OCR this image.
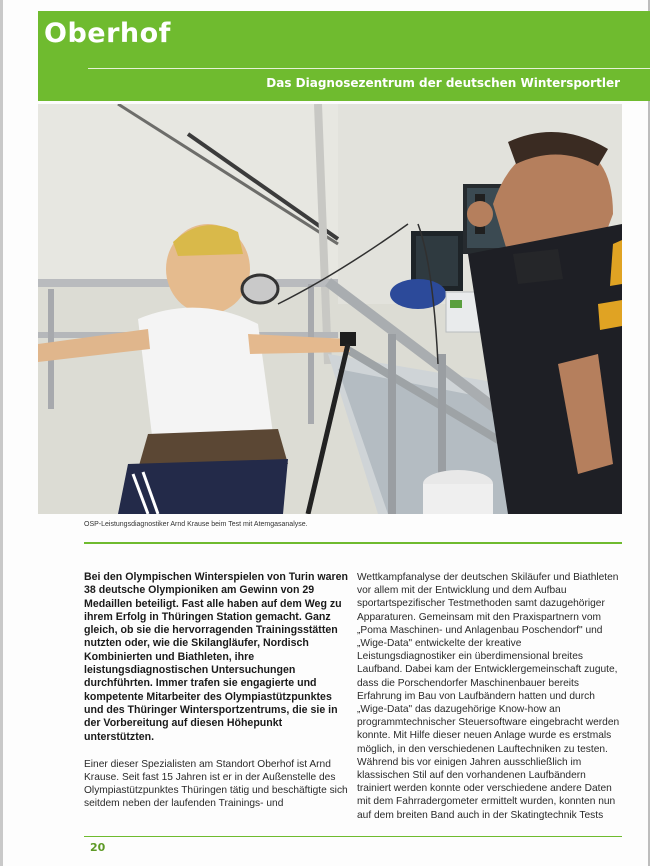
Oberhof
Das Diagnosezentrum der deutschen Wintersportler
OSP-Leistungsdiagnostiker Arnd Krause beim Test mit Atemgasanalyse.

Bei den Olympischen Winterspielen von Turin waren 38 deutsche Olympioniken am Gewinn von 29 Medaillen beteiligt. Fast alle haben auf dem Weg zu ihrem Erfolg in Thüringen Station gemacht. Ganz gleich, ob sie die hervorragenden Trainingsstätten nutzten oder, wie die Skilangläufer, Nordisch Kombinierten und Biathleten, ihre leistungsdiagnostischen Untersuchungen durchführten. Immer trafen sie engagierte und kompetente Mitarbeiter des Olympiastützpunktes und des Thüringer Wintersportzentrums, die sie in der Vorbereitung auf diesen Höhepunkt unterstützten.

Einer dieser Spezialisten am Standort Oberhof ist Arnd Krause. Seit fast 15 Jahren ist er in der Außenstelle des Olympiastützpunktes Thüringen tätig und beschäftigte sich seitdem neben der laufenden Trainings- und

Wettkampfanalyse der deutschen Skiläufer und Biathleten vor allem mit der Entwicklung und dem Aufbau sportartspezifischer Testmethoden samt dazugehöriger Apparaturen. Gemeinsam mit den Praxispartnern vom „Poma Maschinen- und Anlagenbau Poschendorf" und „Wige-Data" entwickelte der kreative Leistungsdiagnostiker ein überdimensional breites Laufband. Dabei kam der Entwicklergemeinschaft zugute, dass die Porschendorfer Maschinenbauer bereits Erfahrung im Bau von Laufbändern hatten und durch „Wige-Data" das dazugehörige Know-how an programmtechnischer Steuersoftware eingebracht werden konnte. Mit Hilfe dieser neuen Anlage wurde es erstmals möglich, in den verschiedenen Lauftechniken zu testen. Während bis vor einigen Jahren ausschließlich im klassischen Stil auf den vorhandenen Laufbändern trainiert werden konnte oder verschiedene andere Daten mit dem Fahrradergometer ermittelt wurden, konnten nun auf dem breiten Band auch in der Skatingtechnik Tests

20
